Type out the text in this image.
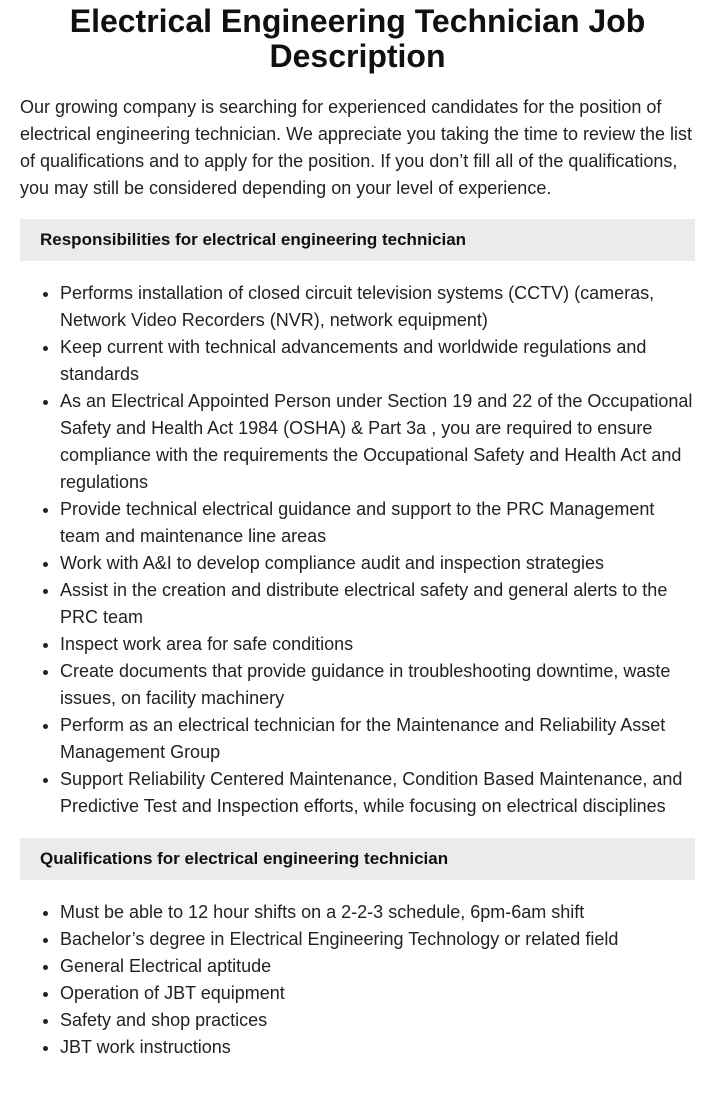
Electrical Engineering Technician Job Description

Our growing company is searching for experienced candidates for the position of electrical engineering technician. We appreciate you taking the time to review the list of qualifications and to apply for the position. If you don’t fill all of the qualifications, you may still be considered depending on your level of experience.

Responsibilities for electrical engineering technician
• Performs installation of closed circuit television systems (CCTV) (cameras, Network Video Recorders (NVR), network equipment)
• Keep current with technical advancements and worldwide regulations and standards
• As an Electrical Appointed Person under Section 19 and 22 of the Occupational Safety and Health Act 1984 (OSHA) & Part 3a , you are required to ensure compliance with the requirements the Occupational Safety and Health Act and regulations
• Provide technical electrical guidance and support to the PRC Management team and maintenance line areas
• Work with A&I to develop compliance audit and inspection strategies
• Assist in the creation and distribute electrical safety and general alerts to the PRC team
• Inspect work area for safe conditions
• Create documents that provide guidance in troubleshooting downtime, waste issues, on facility machinery
• Perform as an electrical technician for the Maintenance and Reliability Asset Management Group
• Support Reliability Centered Maintenance, Condition Based Maintenance, and Predictive Test and Inspection efforts, while focusing on electrical disciplines
Qualifications for electrical engineering technician
• Must be able to 12 hour shifts on a 2-2-3 schedule, 6pm-6am shift
• Bachelor’s degree in Electrical Engineering Technology or related field
• General Electrical aptitude
• Operation of JBT equipment
• Safety and shop practices
• JBT work instructions
